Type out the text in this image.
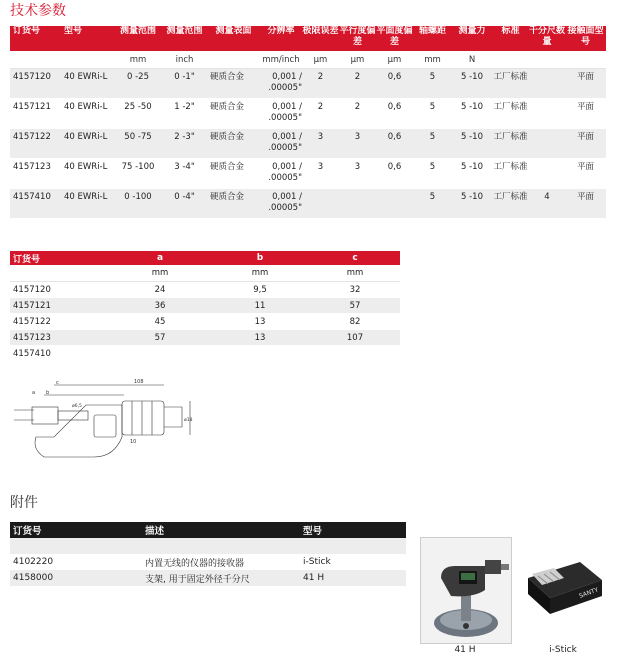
技术参数
订货号	型号	测量范围	测量范围	测量表面	分辨率	极限误差	平行度偏差	平面度偏差	轴螺距	测量力	标准	千分尺数量	接触面型号
		mm	inch		mm/inch	µm	µm	µm	mm	N			
4157120	40 EWRi-L	0 -25	0 -1"	硬质合金	0,001 / .00005"	2	2	0,6	5	5 -10	工厂标准		平面
4157121	40 EWRi-L	25 -50	1 -2"	硬质合金	0,001 / .00005"	2	2	0,6	5	5 -10	工厂标准		平面
4157122	40 EWRi-L	50 -75	2 -3"	硬质合金	0,001 / .00005"	3	3	0,6	5	5 -10	工厂标准		平面
4157123	40 EWRi-L	75 -100	3 -4"	硬质合金	0,001 / .00005"	3	3	0,6	5	5 -10	工厂标准		平面
4157410	40 EWRi-L	0 -100	0 -4"	硬质合金	0,001 / .00005"				5	5 -10	工厂标准	4	平面
订货号	a	b	c
	mm	mm	mm
4157120	24	9,5	32
4157121	36	11	57
4157122	45	13	82
4157123	57	13	107
4157410			
c	108
b
a
ø6,5
ø18
10
附件
订货号	描述	型号

4102220	内置无线的仪器的接收器	i-Stick
4158000	支架, 用于固定外径千分尺	41 H
41 H
SANTY
i-Stick
